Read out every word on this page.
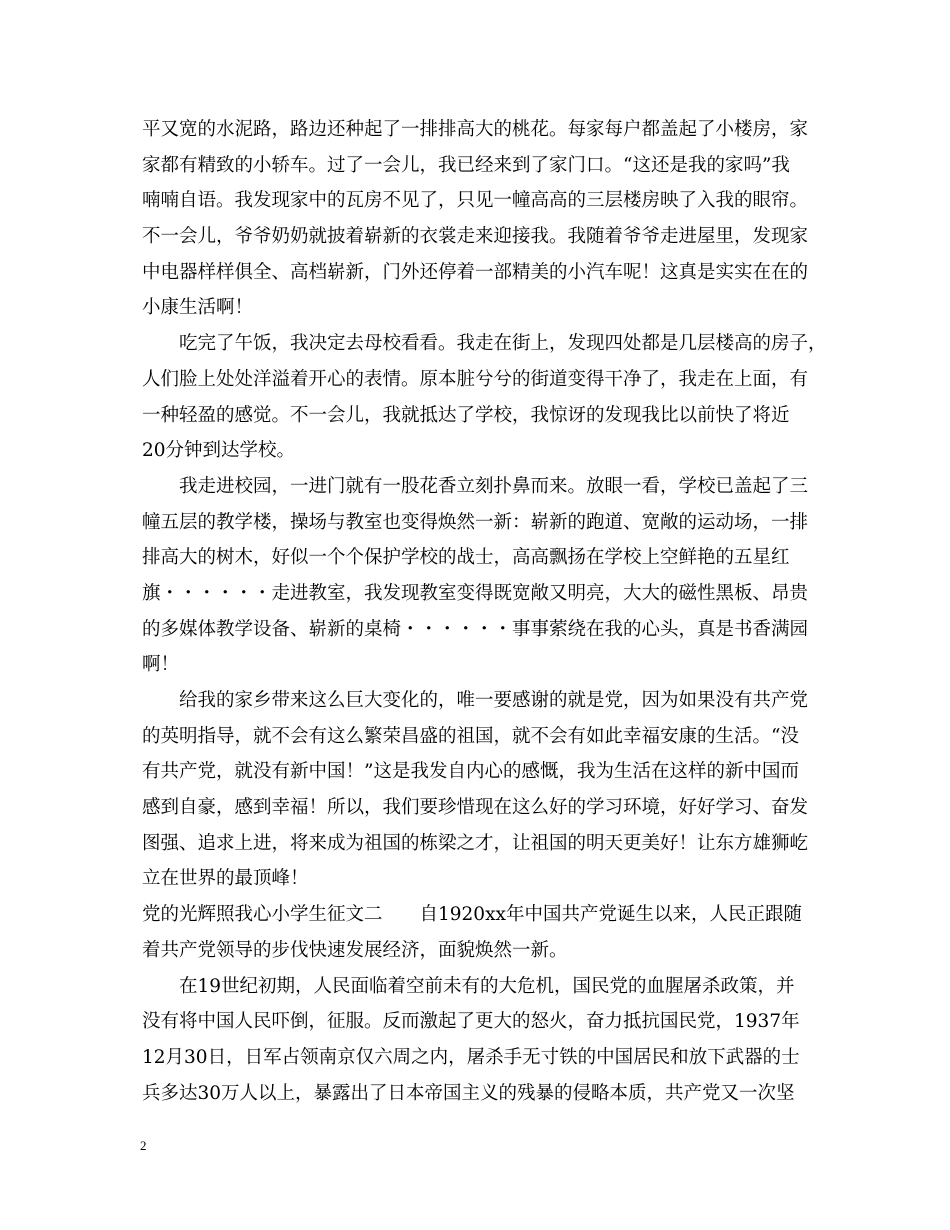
平又宽的水泥路，路边还种起了一排排高大的桃花。每家每户都盖起了小楼房，家
家都有精致的小轿车。过了一会儿，我已经来到了家门口。“这还是我的家吗”我
喃喃自语。我发现家中的瓦房不见了，只见一幢高高的三层楼房映了入我的眼帘。
不一会儿，爷爷奶奶就披着崭新的衣裳走来迎接我。我随着爷爷走进屋里，发现家
中电器样样俱全、高档崭新，门外还停着一部精美的小汽车呢！这真是实实在在的
小康生活啊！
吃完了午饭，我决定去母校看看。我走在街上，发现四处都是几层楼高的房子，
人们脸上处处洋溢着开心的表情。原本脏兮兮的街道变得干净了，我走在上面，有
一种轻盈的感觉。不一会儿，我就抵达了学校，我惊讶的发现我比以前快了将近
20分钟到达学校。
我走进校园，一进门就有一股花香立刻扑鼻而来。放眼一看，学校已盖起了三
幢五层的教学楼，操场与教室也变得焕然一新：崭新的跑道、宽敞的运动场，一排
排高大的树木，好似一个个保护学校的战士，高高飘扬在学校上空鲜艳的五星红
旗・・・・・・走进教室，我发现教室变得既宽敞又明亮，大大的磁性黑板、昂贵
的多媒体教学设备、崭新的桌椅・・・・・・事事萦绕在我的心头，真是书香满园
啊！
给我的家乡带来这么巨大变化的，唯一要感谢的就是党，因为如果没有共产党
的英明指导，就不会有这么繁荣昌盛的祖国，就不会有如此幸福安康的生活。“没
有共产党，就没有新中国！”这是我发自内心的感慨，我为生活在这样的新中国而
感到自豪，感到幸福！所以，我们要珍惜现在这么好的学习环境，好好学习、奋发
图强、追求上进，将来成为祖国的栋梁之才，让祖国的明天更美好！让东方雄狮屹
立在世界的最顶峰！
党的光辉照我心小学生征文二　　自1920xx年中国共产党诞生以来，人民正跟随
着共产党领导的步伐快速发展经济，面貌焕然一新。
在19世纪初期，人民面临着空前未有的大危机，国民党的血腥屠杀政策，并
没有将中国人民吓倒，征服。反而激起了更大的怒火，奋力抵抗国民党，1937年
12月30日，日军占领南京仅六周之内，屠杀手无寸铁的中国居民和放下武器的士
兵多达30万人以上，暴露出了日本帝国主义的残暴的侵略本质，共产党又一次坚
2
